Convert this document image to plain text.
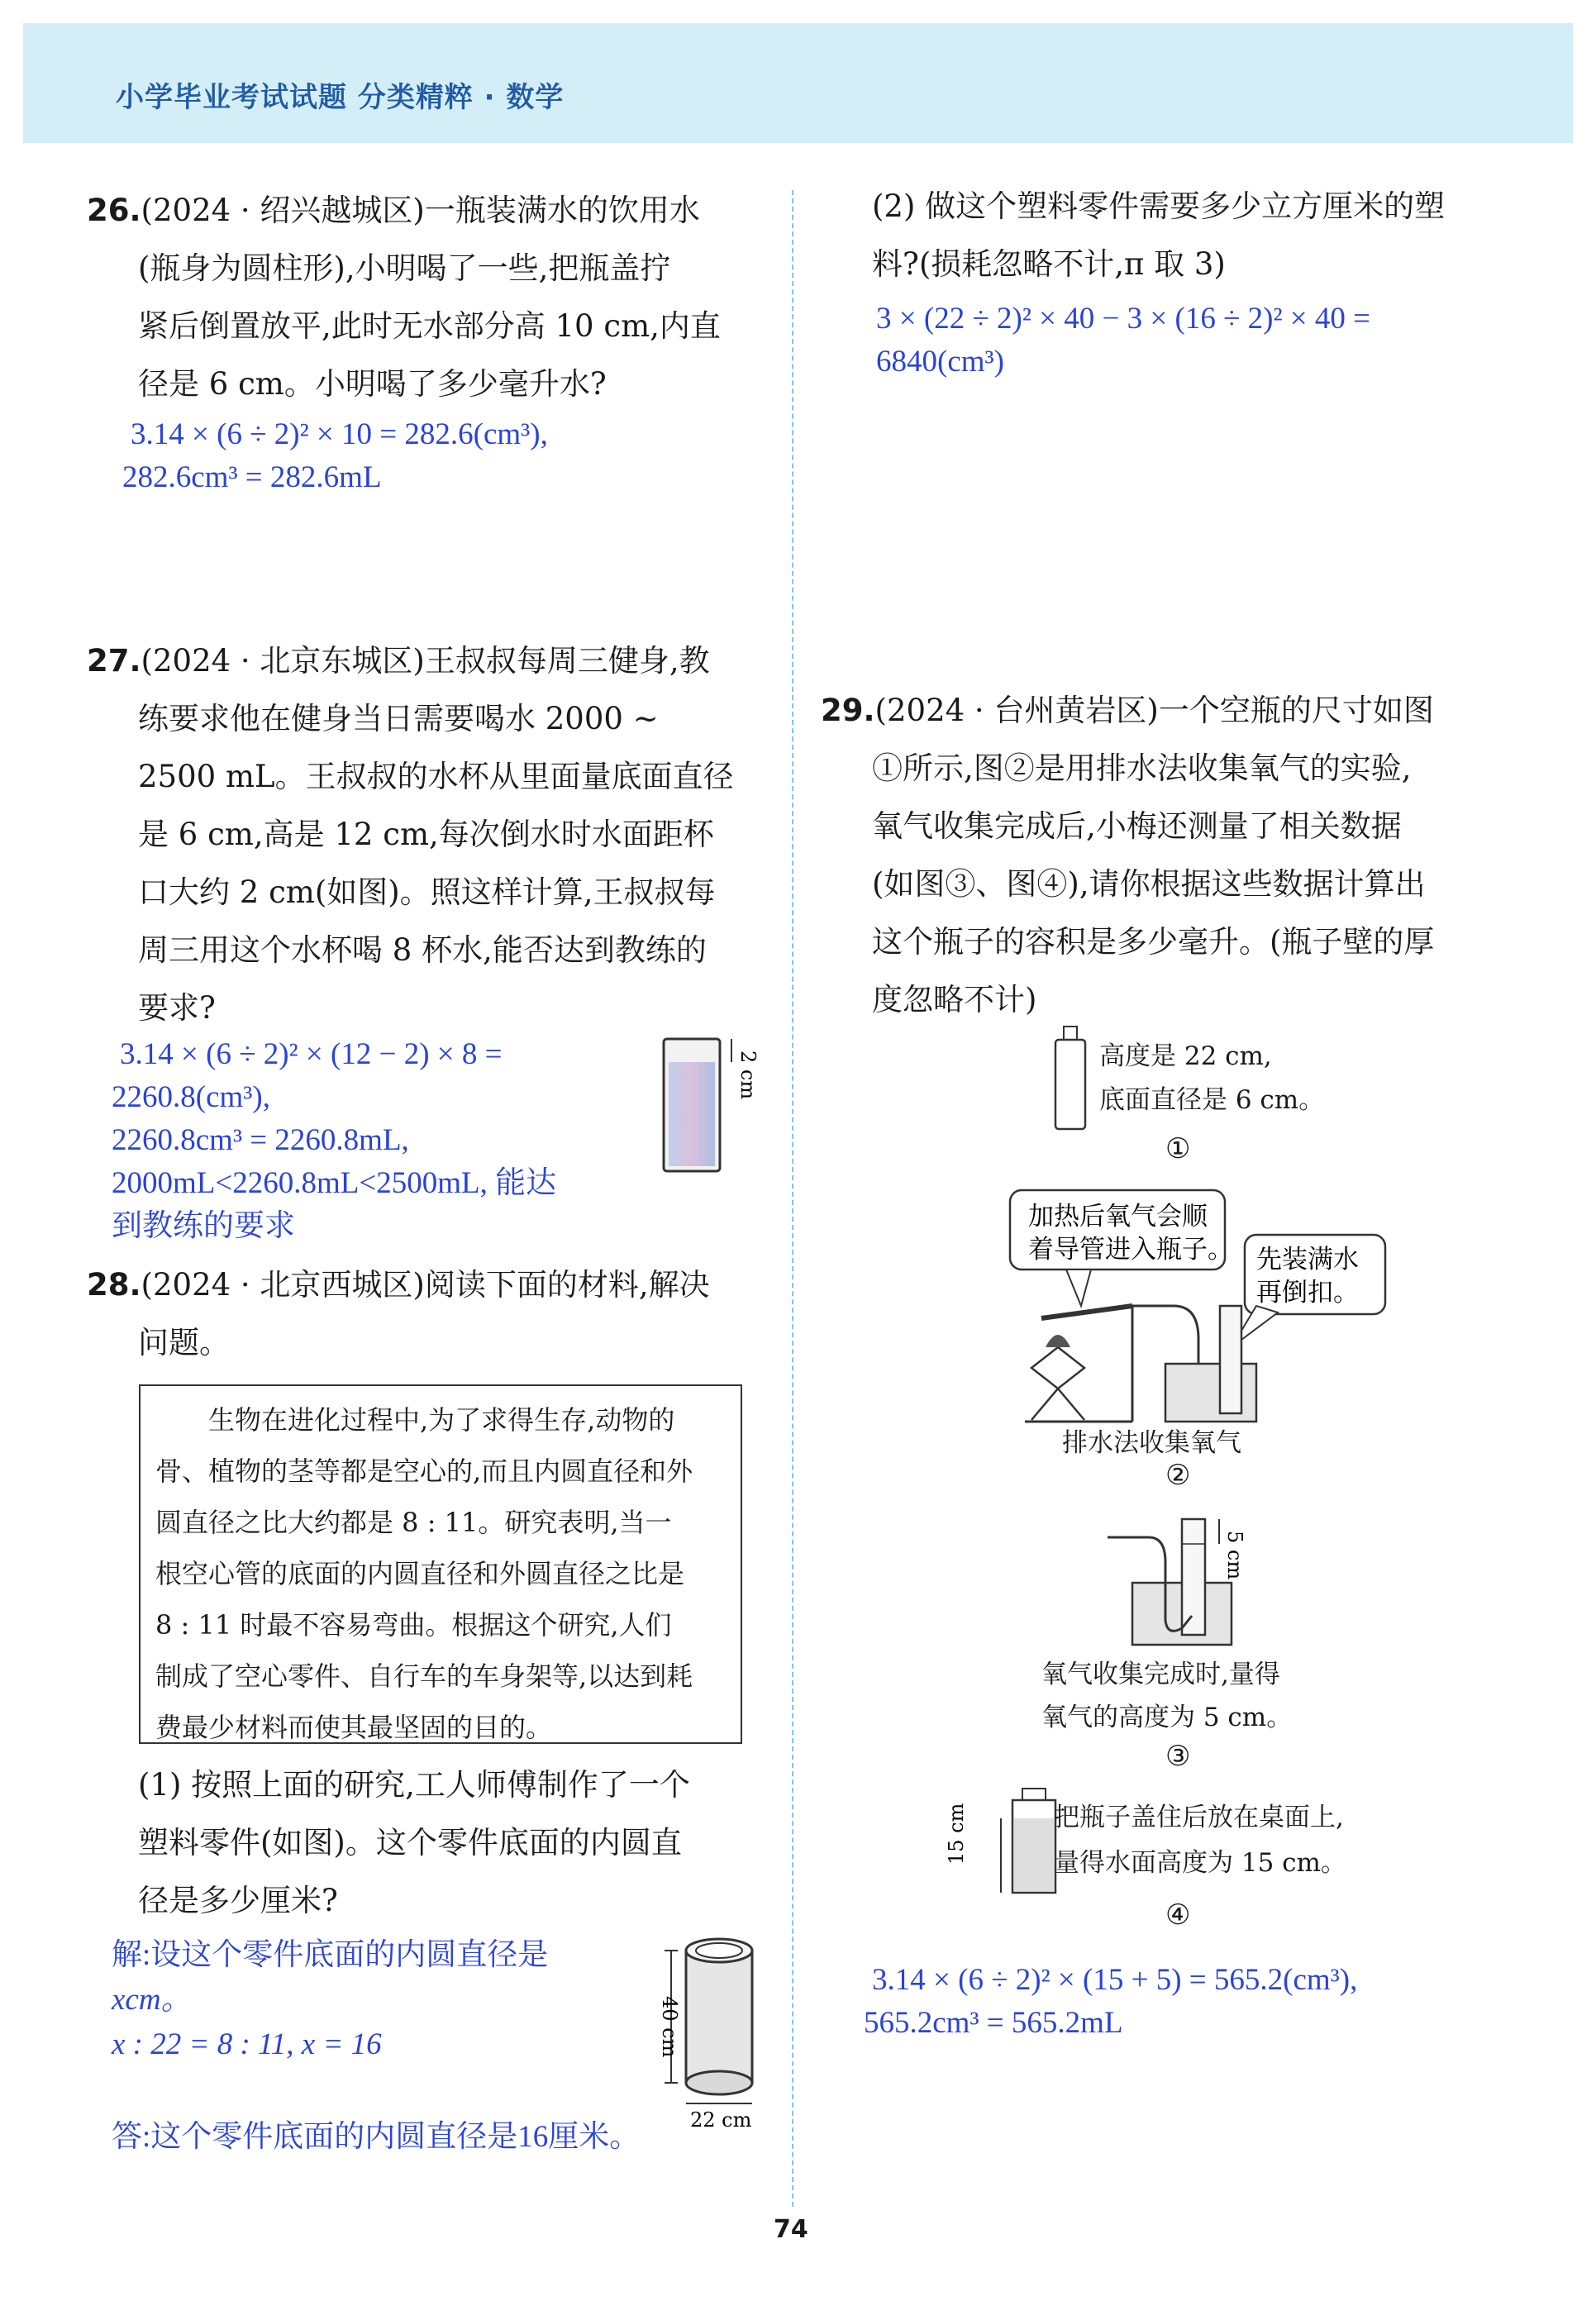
小学毕业考试试题 分类精粹 · 数学
26.(2024 · 绍兴越城区)一瓶装满水的饮用水
(瓶身为圆柱形),小明喝了一些,把瓶盖拧
紧后倒置放平,此时无水部分高 10 cm,内直
径是 6 cm。小明喝了多少毫升水?
3.14 × (6 ÷ 2)² × 10 = 282.6(cm³),
282.6cm³ = 282.6mL
27.(2024 · 北京东城区)王叔叔每周三健身,教
练要求他在健身当日需要喝水 2000 ~
2500 mL。王叔叔的水杯从里面量底面直径
是 6 cm,高是 12 cm,每次倒水时水面距杯
口大约 2 cm(如图)。照这样计算,王叔叔每
周三用这个水杯喝 8 杯水,能否达到教练的
要求?
3.14 × (6 ÷ 2)² × (12 − 2) × 8 =
2260.8(cm³),
2260.8cm³ = 2260.8mL,
2000mL<2260.8mL<2500mL, 能达
到教练的要求
2 cm
28.(2024 · 北京西城区)阅读下面的材料,解决
问题。
生物在进化过程中,为了求得生存,动物的
骨、植物的茎等都是空心的,而且内圆直径和外
圆直径之比大约都是 8 : 11。研究表明,当一
根空心管的底面的内圆直径和外圆直径之比是
8 : 11 时最不容易弯曲。根据这个研究,人们
制成了空心零件、自行车的车身架等,以达到耗
费最少材料而使其最坚固的目的。
(1) 按照上面的研究,工人师傅制作了一个
塑料零件(如图)。这个零件底面的内圆直
径是多少厘米?
解:设这个零件底面的内圆直径是
xcm。
x : 22 = 8 : 11, x = 16
答:这个零件底面的内圆直径是16厘米。
40 cm
22 cm
(2) 做这个塑料零件需要多少立方厘米的塑
料?(损耗忽略不计,π 取 3)
3 × (22 ÷ 2)² × 40 − 3 × (16 ÷ 2)² × 40 =
6840(cm³)
29.(2024 · 台州黄岩区)一个空瓶的尺寸如图
①所示,图②是用排水法收集氧气的实验,
氧气收集完成后,小梅还测量了相关数据
(如图③、图④),请你根据这些数据计算出
这个瓶子的容积是多少毫升。(瓶子壁的厚
度忽略不计)
高度是 22 cm,
底面直径是 6 cm。
①
加热后氧气会顺
着导管进入瓶子。 先装满水
再倒扣。
排水法收集氧气
②
5 cm
氧气收集完成时,量得
氧气的高度为 5 cm。
③
15 cm	把瓶子盖住后放在桌面上,
量得水面高度为 15 cm。
④
3.14 × (6 ÷ 2)² × (15 + 5) = 565.2(cm³),
565.2cm³ = 565.2mL
74
